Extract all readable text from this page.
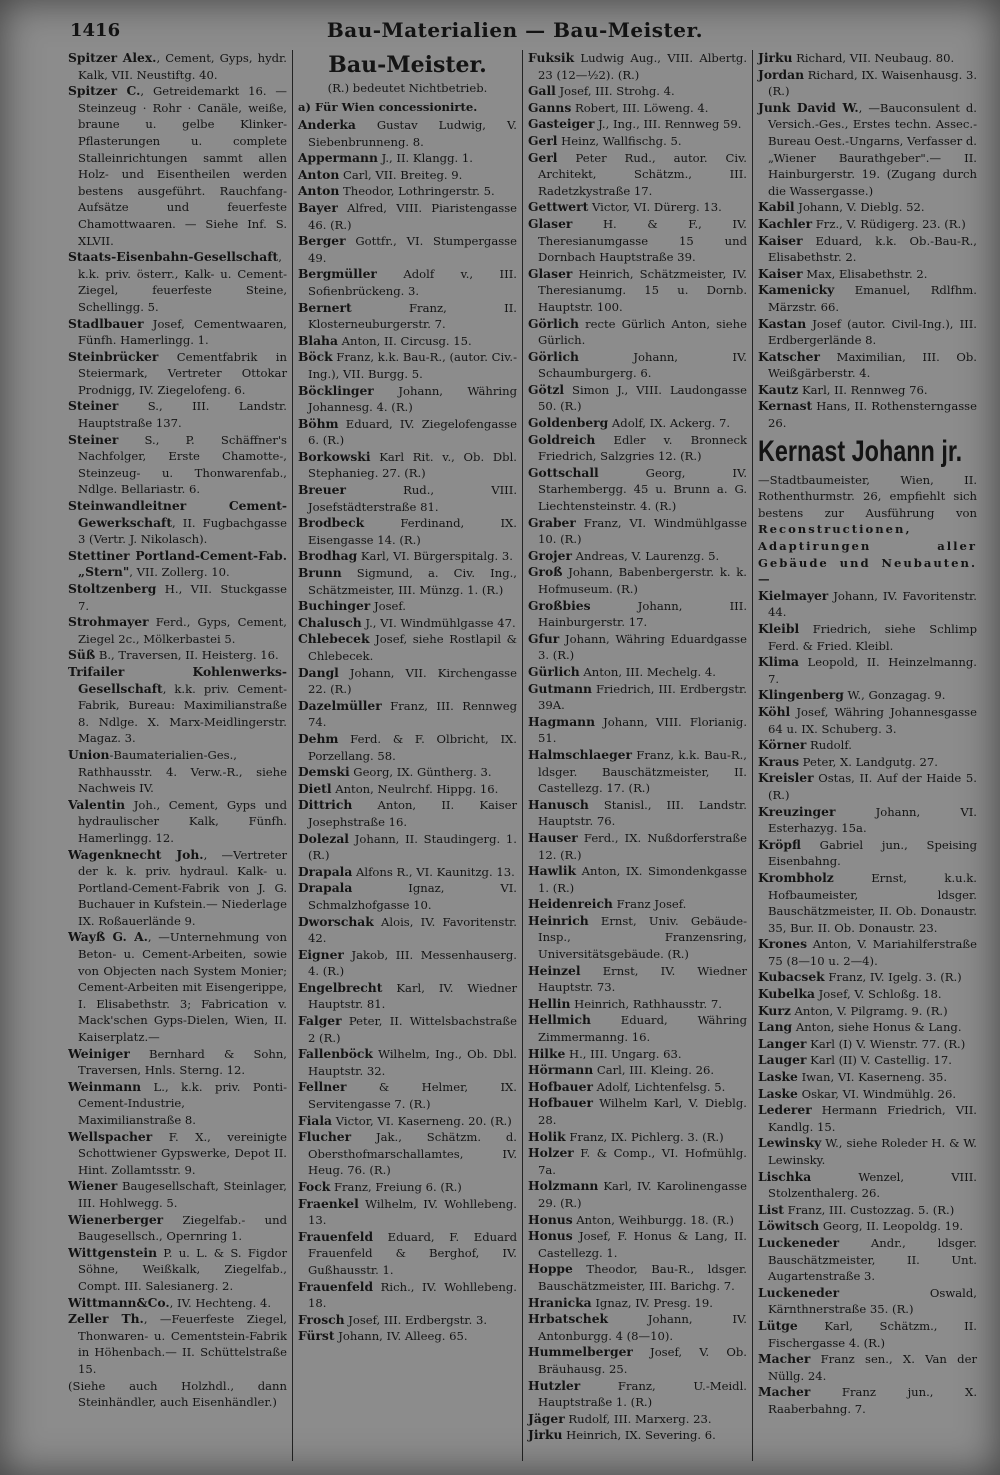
1416	Bau-Materialien — Bau-Meister.

Spitzer Alex., Cement, Gyps, hydr. Kalk, VII. Neustiftg. 40.

Spitzer C., Getreidemarkt 16. — Steinzeug · Rohr · Canäle, weiße, braune u. gelbe Klinker-Pflasterungen u. complete Stalleinrichtungen sammt allen Holz- und Eisentheilen werden bestens ausgeführt. Rauchfang-Aufsätze und feuerfeste Chamottwaaren. — Siehe Inf. S. XLVII.

Staats-Eisenbahn-Gesellschaft, k.k. priv. österr., Kalk- u. Cement-Ziegel, feuerfeste Steine, Schellingg. 5.

Stadlbauer Josef, Cementwaaren, Fünfh. Hamerlingg. 1.

Steinbrücker Cementfabrik in Steiermark, Vertreter Ottokar Prodnigg, IV. Ziegelofeng. 6.

Steiner S., III. Landstr. Hauptstraße 137.

Steiner S., P. Schäffner's Nachfolger, Erste Chamotte-, Steinzeug- u. Thonwarenfab., Ndlge. Bellariastr. 6.

Steinwandleitner Cement-Gewerkschaft, II. Fugbachgasse 3 (Vertr. J. Nikolasch).

Stettiner Portland-Cement-Fab. „Stern", VII. Zollerg. 10.

Stoltzenberg H., VII. Stuckgasse 7.

Strohmayer Ferd., Gyps, Cement, Ziegel 2c., Mölkerbastei 5.

Süß B., Traversen, II. Heisterg. 16.

Trifailer Kohlenwerks-Gesellschaft, k.k. priv. Cement-Fabrik, Bureau: Maximilianstraße 8. Ndlge. X. Marx-Meidlingerstr. Magaz. 3.

Union-Baumaterialien-Ges., Rathhausstr. 4. Verw.-R., siehe Nachweis IV.

Valentin Joh., Cement, Gyps und hydraulischer Kalk, Fünfh. Hamerlingg. 12.

Wagenknecht Joh., —Vertreter der k. k. priv. hydraul. Kalk- u. Portland-Cement-Fabrik von J. G. Buchauer in Kufstein.— Niederlage IX. Roßauerlände 9.

Wayß G. A., —Unternehmung von Beton- u. Cement-Arbeiten, sowie von Objecten nach System Monier; Cement-Arbeiten mit Eisengerippe, I. Elisabethstr. 3; Fabrication v. Mack'schen Gyps-Dielen, Wien, II. Kaiserplatz.—

Weiniger Bernhard & Sohn, Traversen, Hnls. Sterng. 12.

Weinmann L., k.k. priv. Ponti-Cement-Industrie, Maximilianstraße 8.

Wellspacher F. X., vereinigte Schottwiener Gypswerke, Depot II. Hint. Zollamtsstr. 9.

Wiener Baugesellschaft, Steinlager, III. Hohlwegg. 5.

Wienerberger Ziegelfab.- und Baugesellsch., Opernring 1.

Wittgenstein P. u. L. & S. Figdor Söhne, Weißkalk, Ziegelfab., Compt. III. Salesianerg. 2.

Wittmann&Co., IV. Hechteng. 4.

Zeller Th., —Feuerfeste Ziegel, Thonwaren- u. Cementstein-Fabrik in Höhenbach.— II. Schüttelstraße 15.

(Siehe auch Holzhdl., dann Steinhändler, auch Eisenhändler.)

Bau-Meister.
(R.) bedeutet Nichtbetrieb.
a) Für Wien concessionirte.

Anderka Gustav Ludwig, V. Siebenbrunneng. 8.

Appermann J., II. Klangg. 1.

Anton Carl, VII. Breiteg. 9.

Anton Theodor, Lothringerstr. 5.

Bayer Alfred, VIII. Piaristengasse 46. (R.)

Berger Gottfr., VI. Stumpergasse 49.

Bergmüller Adolf v., III. Sofienbrückeng. 3.

Bernert Franz, II. Klosterneuburgerstr. 7.

Blaha Anton, II. Circusg. 15.

Böck Franz, k.k. Bau-R., (autor. Civ.-Ing.), VII. Burgg. 5.

Böcklinger Johann, Währing Johannesg. 4. (R.)

Böhm Eduard, IV. Ziegelofengasse 6. (R.)

Borkowski Karl Rit. v., Ob. Dbl. Stephanieg. 27. (R.)

Breuer Rud., VIII. Josefstädterstraße 81.

Brodbeck Ferdinand, IX. Eisengasse 14. (R.)

Brodhag Karl, VI. Bürgerspitalg. 3.

Brunn Sigmund, a. Civ. Ing., Schätzmeister, III. Münzg. 1. (R.)

Buchinger Josef.

Chalusch J., VI. Windmühlgasse 47.

Chlebecek Josef, siehe Rostlapil & Chlebecek.

Dangl Johann, VII. Kirchengasse 22. (R.)

Dazelmüller Franz, III. Rennweg 74.

Dehm Ferd. & F. Olbricht, IX. Porzellang. 58.

Demski Georg, IX. Güntherg. 3.

Dietl Anton, Neulrchf. Hippg. 16.

Dittrich Anton, II. Kaiser Josephstraße 16.

Dolezal Johann, II. Staudingerg. 1. (R.)

Drapala Alfons R., VI. Kaunitzg. 13.

Drapala Ignaz, VI. Schmalzhofgasse 10.

Dworschak Alois, IV. Favoritenstr. 42.

Eigner Jakob, III. Messenhauserg. 4. (R.)

Engelbrecht Karl, IV. Wiedner Hauptstr. 81.

Falger Peter, II. Wittelsbachstraße 2 (R.)

Fallenböck Wilhelm, Ing., Ob. Dbl. Hauptstr. 32.

Fellner & Helmer, IX. Servitengasse 7. (R.)

Fiala Victor, VI. Kaserneng. 20. (R.)

Flucher Jak., Schätzm. d. Obersthofmarschallamtes, IV. Heug. 76. (R.)

Fock Franz, Freiung 6. (R.)

Fraenkel Wilhelm, IV. Wohllebeng. 13.

Frauenfeld Eduard, F. Eduard Frauenfeld & Berghof, IV. Gußhausstr. 1.

Frauenfeld Rich., IV. Wohllebeng. 18.

Frosch Josef, III. Erdbergstr. 3.

Fürst Johann, IV. Alleeg. 65.

Fuksik Ludwig Aug., VIII. Albertg. 23 (12—½2). (R.)

Gall Josef, III. Strohg. 4.

Ganns Robert, III. Löweng. 4.

Gasteiger J., Ing., III. Rennweg 59.

Gerl Heinz, Wallfischg. 5.

Gerl Peter Rud., autor. Civ. Architekt, Schätzm., III. Radetzkystraße 17.

Gettwert Victor, VI. Dürerg. 13.

Glaser H. & F., IV. Theresianumgasse 15 und Dornbach Hauptstraße 39.

Glaser Heinrich, Schätzmeister, IV. Theresianumg. 15 u. Dornb. Hauptstr. 100.

Görlich recte Gürlich Anton, siehe Gürlich.

Görlich Johann, IV. Schaumburgerg. 6.

Götzl Simon J., VIII. Laudongasse 50. (R.)

Goldenberg Adolf, IX. Ackerg. 7.

Goldreich Edler v. Bronneck Friedrich, Salzgries 12. (R.)

Gottschall Georg, IV. Starhembergg. 45 u. Brunn a. G. Liechtensteinstr. 4. (R.)

Graber Franz, VI. Windmühlgasse 10. (R.)

Grojer Andreas, V. Laurenzg. 5.

Groß Johann, Babenbergerstr. k. k. Hofmuseum. (R.)

Großbies Johann, III. Hainburgerstr. 17.

Gfur Johann, Währing Eduardgasse 3. (R.)

Gürlich Anton, III. Mechelg. 4.

Gutmann Friedrich, III. Erdbergstr. 39A.

Hagmann Johann, VIII. Florianig. 51.

Halmschlaeger Franz, k.k. Bau-R., ldsger. Bauschätzmeister, II. Castellezg. 17. (R.)

Hanusch Stanisl., III. Landstr. Hauptstr. 76.

Hauser Ferd., IX. Nußdorferstraße 12. (R.)

Hawlik Anton, IX. Simondenkgasse 1. (R.)

Heidenreich Franz Josef.

Heinrich Ernst, Univ. Gebäude-Insp., Franzensring, Universitätsgebäude. (R.)

Heinzel Ernst, IV. Wiedner Hauptstr. 73.

Hellin Heinrich, Rathhausstr. 7.

Hellmich Eduard, Währing Zimmermanng. 16.

Hilke H., III. Ungarg. 63.

Hörmann Carl, III. Kleing. 26.

Hofbauer Adolf, Lichtenfelsg. 5.

Hofbauer Wilhelm Karl, V. Dieblg. 28.

Holik Franz, IX. Pichlerg. 3. (R.)

Holzer F. & Comp., VI. Hofmühlg. 7a.

Holzmann Karl, IV. Karolinengasse 29. (R.)

Honus Anton, Weihburgg. 18. (R.)

Honus Josef, F. Honus & Lang, II. Castellezg. 1.

Hoppe Theodor, Bau-R., ldsger. Bauschätzmeister, III. Barichg. 7.

Hranicka Ignaz, IV. Presg. 19.

Hrbatschek Johann, IV. Antonburgg. 4 (8—10).

Hummelberger Josef, V. Ob. Bräuhausg. 25.

Hutzler Franz, U.-Meidl. Hauptstraße 1. (R.)

Jäger Rudolf, III. Marxerg. 23.

Jirku Heinrich, IX. Severing. 6.

Jirku Richard, VII. Neubaug. 80.

Jordan Richard, IX. Waisenhausg. 3. (R.)

Junk David W., —Bauconsulent d. Versich.-Ges., Erstes techn. Assec.-Bureau Oest.-Ungarns, Verfasser d. „Wiener Baurathgeber".— II. Hainburgerstr. 19. (Zugang durch die Wassergasse.)

Kabil Johann, V. Dieblg. 52.

Kachler Frz., V. Rüdigerg. 23. (R.)

Kaiser Eduard, k.k. Ob.-Bau-R., Elisabethstr. 2.

Kaiser Max, Elisabethstr. 2.

Kamenicky Emanuel, Rdlfhm. Märzstr. 66.

Kastan Josef (autor. Civil-Ing.), III. Erdbergerlände 8.

Katscher Maximilian, III. Ob. Weißgärberstr. 4.

Kautz Karl, II. Rennweg 76.

Kernast Hans, II. Rothensterngasse 26.

Kernast Johann jr.

—Stadtbaumeister, Wien, II. Rothenthurmstr. 26, empfiehlt sich bestens zur Ausführung von Reconstructionen, Adaptirungen aller Gebäude und Neubauten.—

Kielmayer Johann, IV. Favoritenstr. 44.

Kleibl Friedrich, siehe Schlimp Ferd. & Fried. Kleibl.

Klima Leopold, II. Heinzelmanng. 7.

Klingenberg W., Gonzagag. 9.

Köhl Josef, Währing Johannesgasse 64 u. IX. Schuberg. 3.

Körner Rudolf.

Kraus Peter, X. Landgutg. 27.

Kreisler Ostas, II. Auf der Haide 5. (R.)

Kreuzinger Johann, VI. Esterhazyg. 15a.

Kröpfl Gabriel jun., Speising Eisenbahng.

Krombholz Ernst, k.u.k. Hofbaumeister, ldsger. Bauschätzmeister, II. Ob. Donaustr. 35, Bur. II. Ob. Donaustr. 23.

Krones Anton, V. Mariahilferstraße 75 (8—10 u. 2—4).

Kubacsek Franz, IV. Igelg. 3. (R.)

Kubelka Josef, V. Schloßg. 18.

Kurz Anton, V. Pilgramg. 9. (R.)

Lang Anton, siehe Honus & Lang.

Langer Karl (I) V. Wienstr. 77. (R.)

Lauger Karl (II) V. Castellig. 17.

Laske Iwan, VI. Kaserneng. 35.

Laske Oskar, VI. Windmühlg. 26.

Lederer Hermann Friedrich, VII. Kandlg. 15.

Lewinsky W., siehe Roleder H. & W. Lewinsky.

Lischka Wenzel, VIII. Stolzenthalerg. 26.

List Franz, III. Custozzag. 5. (R.)

Löwitsch Georg, II. Leopoldg. 19.

Luckeneder Andr., ldsger. Bauschätzmeister, II. Unt. Augartenstraße 3.

Luckeneder Oswald, Kärnthnerstraße 35. (R.)

Lütge Karl, Schätzm., II. Fischergasse 4. (R.)

Macher Franz sen., X. Van der Nüllg. 24.

Macher Franz jun., X. Raaberbahng. 7.
